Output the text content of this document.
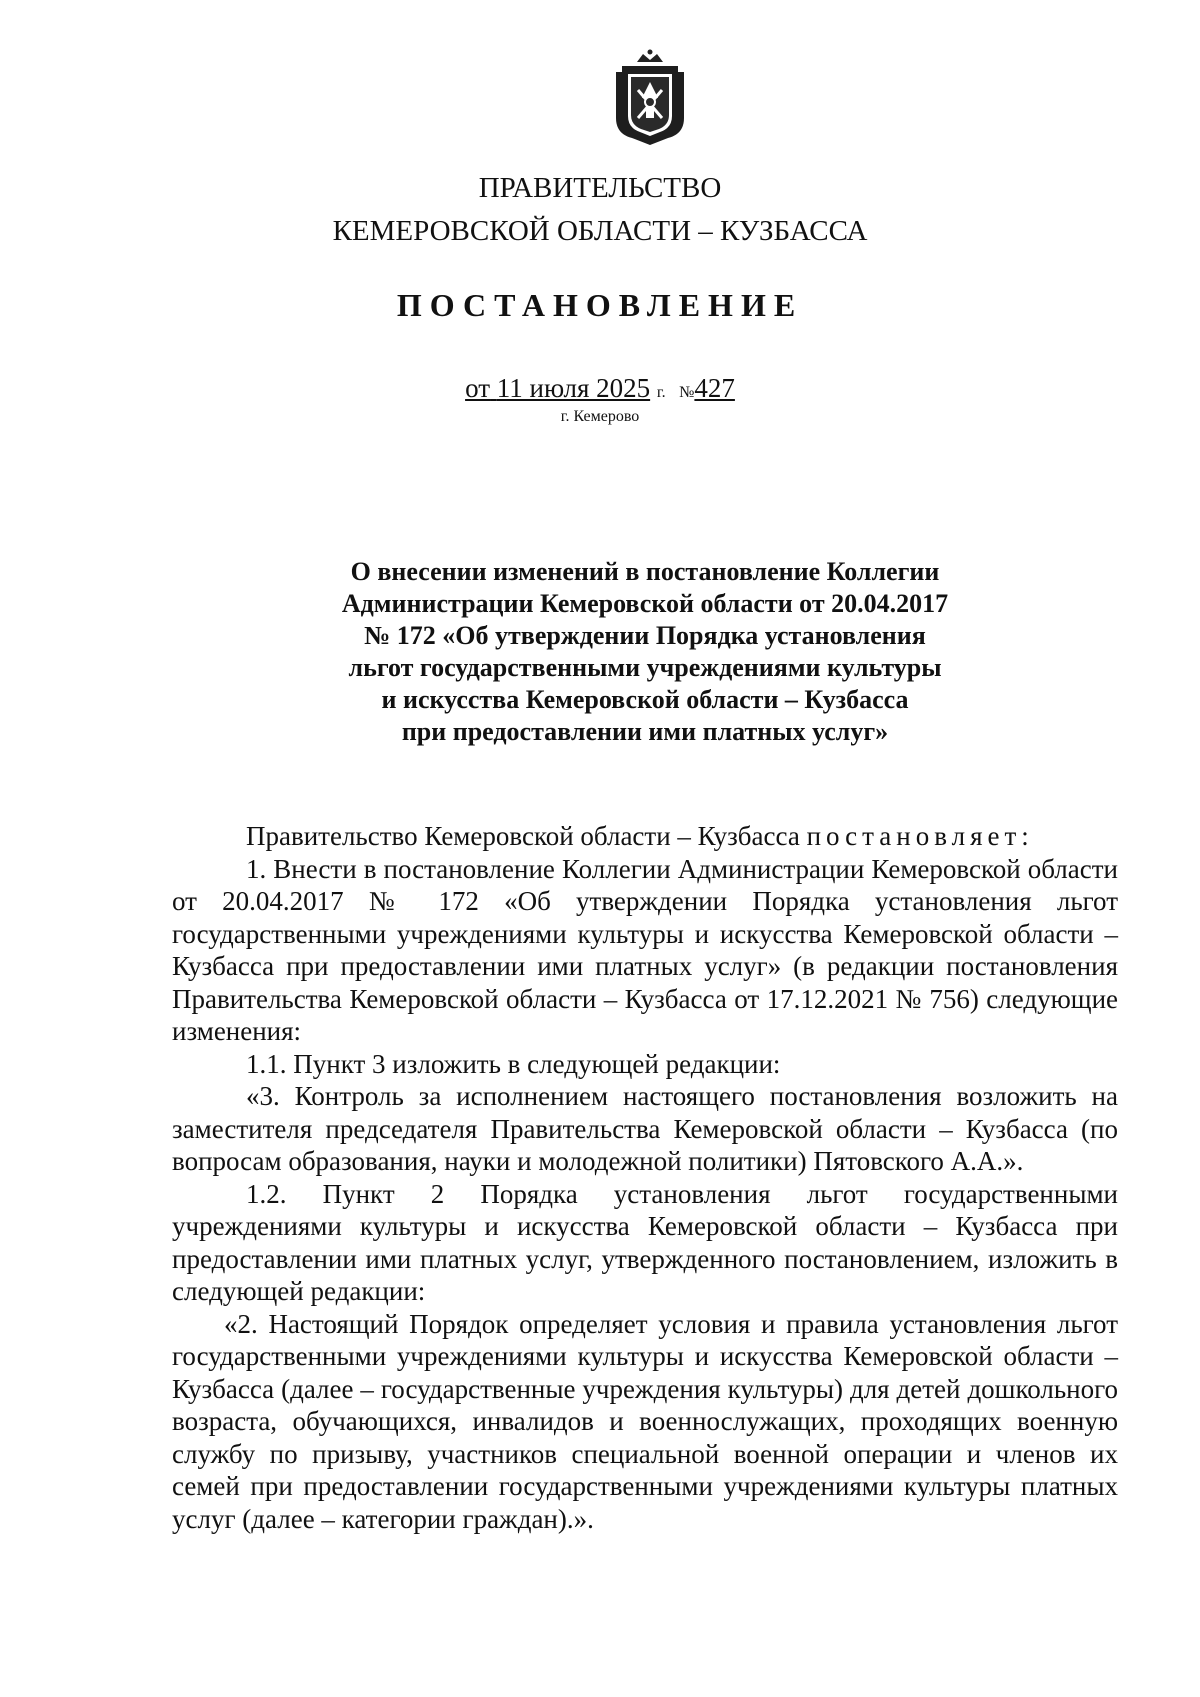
ПРАВИТЕЛЬСТВО
КЕМЕРОВСКОЙ ОБЛАСТИ – КУЗБАССА
ПОСТАНОВЛЕНИЕ
от 11 июля 2025 г. №427
г. Кемерово
О внесении изменений в постановление Коллегии
Администрации Кемеровской области от 20.04.2017
№ 172 «Об утверждении Порядка установления
льгот государственными учреждениями культуры
и искусства Кемеровской области – Кузбасса
при предоставлении ими платных услуг»

Правительство Кемеровской области – Кузбасса постановляет:

1. Внести в постановление Коллегии Администрации Кемеровской области от 20.04.2017 № 172 «Об утверждении Порядка установления льгот государственными учреждениями культуры и искусства Кемеровской области – Кузбасса при предоставлении ими платных услуг» (в редакции постановления Правительства Кемеровской области – Кузбасса от 17.12.2021 № 756) следующие изменения:

1.1. Пункт 3 изложить в следующей редакции:

«3. Контроль за исполнением настоящего постановления возложить на заместителя председателя Правительства Кемеровской области – Кузбасса (по вопросам образования, науки и молодежной политики) Пятовского А.А.».

1.2. Пункт 2 Порядка установления льгот государственными учреждениями культуры и искусства Кемеровской области – Кузбасса при предоставлении ими платных услуг, утвержденного постановлением, изложить в следующей редакции:

«2. Настоящий Порядок определяет условия и правила установления льгот государственными учреждениями культуры и искусства Кемеровской области – Кузбасса (далее – государственные учреждения культуры) для детей дошкольного возраста, обучающихся, инвалидов и военнослужащих, проходящих военную службу по призыву, участников специальной военной операции и членов их семей при предоставлении государственными учреждениями культуры платных услуг (далее – категории граждан).».
